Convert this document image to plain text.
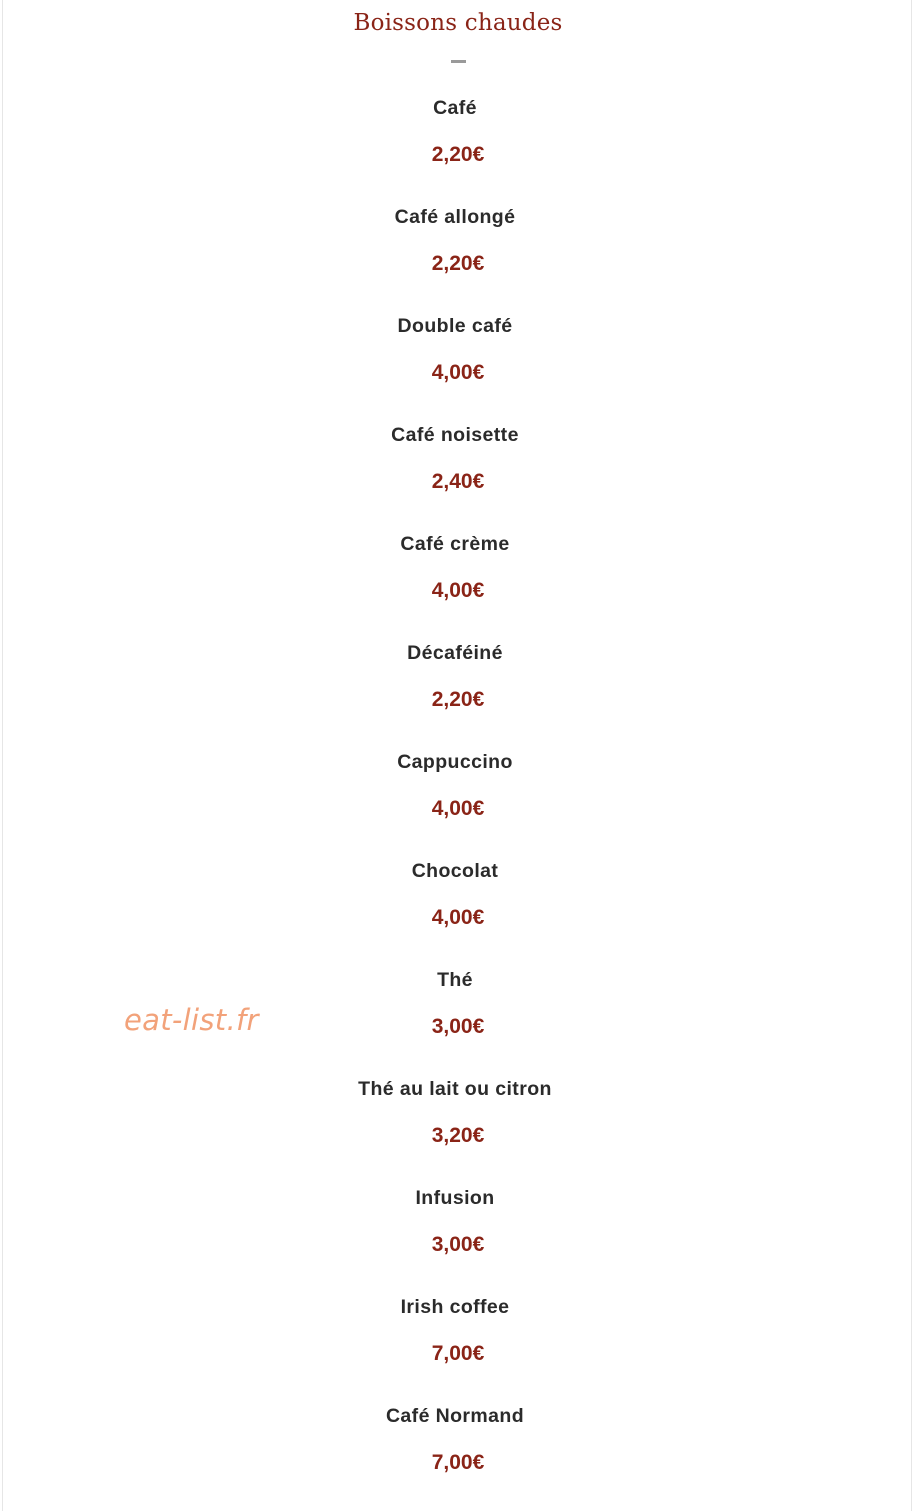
Boissons chaudes
Café
2,20€
Café allongé
2,20€
Double café
4,00€
Café noisette
2,40€
Café crème
4,00€
Décaféiné
2,20€
Cappuccino
4,00€
Chocolat
4,00€
Thé
3,00€
Thé au lait ou citron
3,20€
Infusion
3,00€
Irish coffee
7,00€
Café Normand
7,00€
eat-list.fr
